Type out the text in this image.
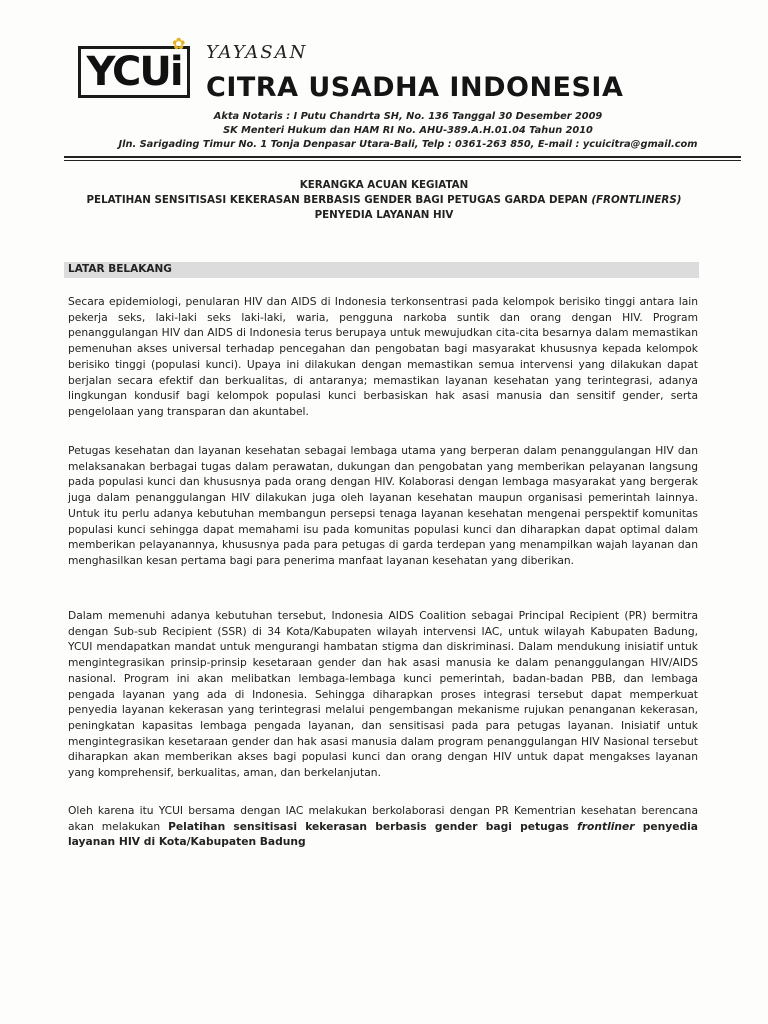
YCUi
✿ YAYASAN
CITRA USADHA INDONESIA
Akta Notaris : I Putu Chandrta SH, No. 136 Tanggal 30 Desember 2009
SK Menteri Hukum dan HAM RI No. AHU-389.A.H.01.04 Tahun 2010
Jln. Sarigading Timur No. 1 Tonja Denpasar Utara-Bali, Telp : 0361-263 850, E-mail : ycuicitra@gmail.com
KERANGKA ACUAN KEGIATAN
PELATIHAN SENSITISASI KEKERASAN BERBASIS GENDER BAGI PETUGAS GARDA DEPAN (FRONTLINERS)
PENYEDIA LAYANAN HIV
LATAR BELAKANG

Secara epidemiologi, penularan HIV dan AIDS di Indonesia terkonsentrasi pada kelompok berisiko tinggi antara lain pekerja seks, laki-laki seks laki-laki, waria, pengguna narkoba suntik dan orang dengan HIV. Program penanggulangan HIV dan AIDS di Indonesia terus berupaya untuk mewujudkan cita-cita besarnya dalam memastikan pemenuhan akses universal terhadap pencegahan dan pengobatan bagi masyarakat khususnya kepada kelompok berisiko tinggi (populasi kunci). Upaya ini dilakukan dengan memastikan semua intervensi yang dilakukan dapat berjalan secara efektif dan berkualitas, di antaranya; memastikan layanan kesehatan yang terintegrasi, adanya lingkungan kondusif bagi kelompok populasi kunci berbasiskan hak asasi manusia dan sensitif gender, serta pengelolaan yang transparan dan akuntabel.

Petugas kesehatan dan layanan kesehatan sebagai lembaga utama yang berperan dalam penanggulangan HIV dan melaksanakan berbagai tugas dalam perawatan, dukungan dan pengobatan yang memberikan pelayanan langsung pada populasi kunci dan khususnya pada orang dengan HIV. Kolaborasi dengan lembaga masyarakat yang bergerak juga dalam penanggulangan HIV dilakukan juga oleh layanan kesehatan maupun organisasi pemerintah lainnya. Untuk itu perlu adanya kebutuhan membangun persepsi tenaga layanan kesehatan mengenai perspektif komunitas populasi kunci sehingga dapat memahami isu pada komunitas populasi kunci dan diharapkan dapat optimal dalam memberikan pelayanannya, khususnya pada para petugas di garda terdepan yang menampilkan wajah layanan dan menghasilkan kesan pertama bagi para penerima manfaat layanan kesehatan yang diberikan.

Dalam memenuhi adanya kebutuhan tersebut, Indonesia AIDS Coalition sebagai Principal Recipient (PR) bermitra dengan Sub-sub Recipient (SSR) di 34 Kota/Kabupaten wilayah intervensi IAC, untuk wilayah Kabupaten Badung, YCUI mendapatkan mandat untuk mengurangi hambatan stigma dan diskriminasi. Dalam mendukung inisiatif untuk mengintegrasikan prinsip-prinsip kesetaraan gender dan hak asasi manusia ke dalam penanggulangan HIV/AIDS nasional. Program ini akan melibatkan lembaga-lembaga kunci pemerintah, badan-badan PBB, dan lembaga pengada layanan yang ada di Indonesia. Sehingga diharapkan proses integrasi tersebut dapat memperkuat penyedia layanan kekerasan yang terintegrasi melalui pengembangan mekanisme rujukan penanganan kekerasan, peningkatan kapasitas lembaga pengada layanan, dan sensitisasi pada para petugas layanan. Inisiatif untuk mengintegrasikan kesetaraan gender dan hak asasi manusia dalam program penanggulangan HIV Nasional tersebut diharapkan akan memberikan akses bagi populasi kunci dan orang dengan HIV untuk dapat mengakses layanan yang komprehensif, berkualitas, aman, dan berkelanjutan.

Oleh karena itu YCUI bersama dengan IAC melakukan berkolaborasi dengan PR Kementrian kesehatan berencana akan melakukan Pelatihan sensitisasi kekerasan berbasis gender bagi petugas frontliner penyedia layanan HIV di Kota/Kabupaten Badung
